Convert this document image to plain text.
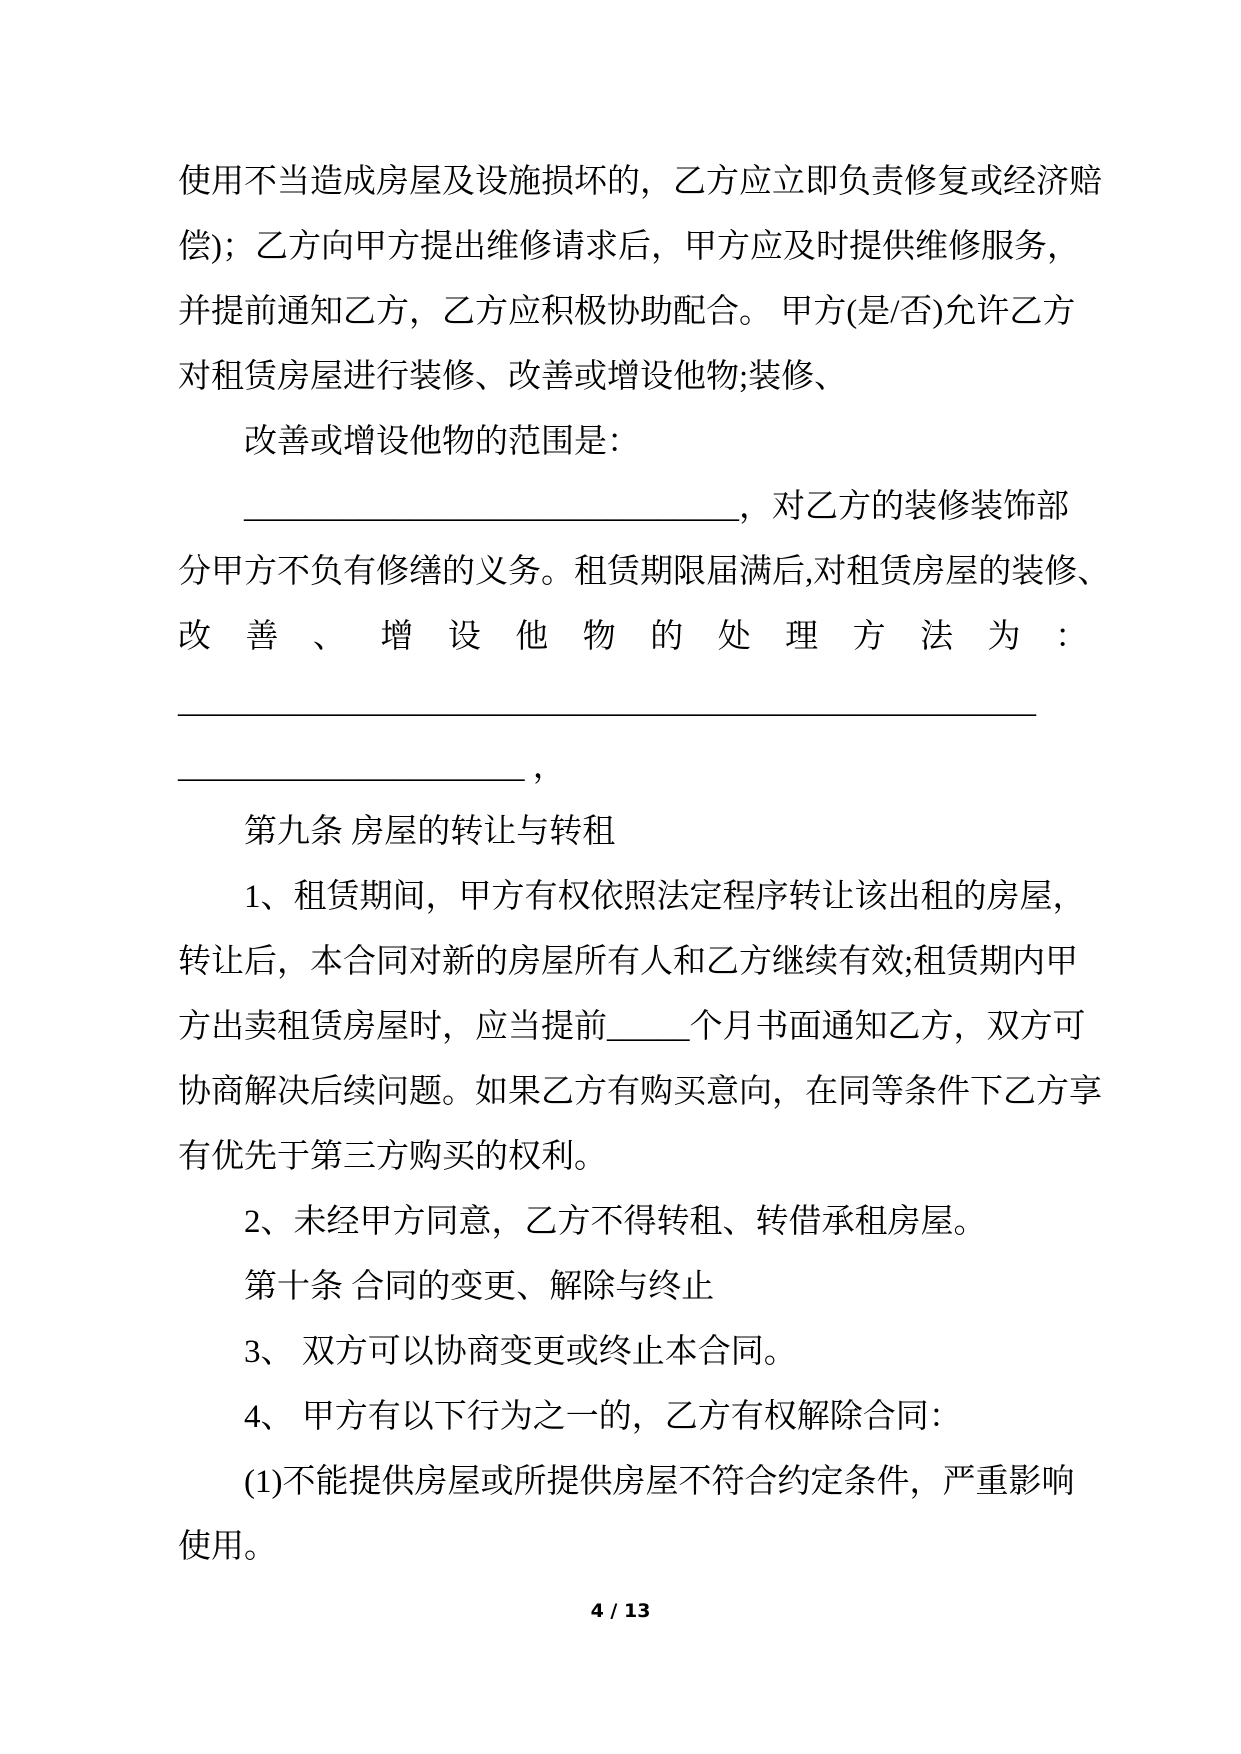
使用不当造成房屋及设施损坏的，乙方应立即负责修复或经济赔
偿)；乙方向甲方提出维修请求后，甲方应及时提供维修服务，
并提前通知乙方，乙方应积极协助配合。 甲方(是/否)允许乙方
对租赁房屋进行装修、改善或增设他物;装修、
改善或增设他物的范围是：
______________________________，对乙方的装修装饰部
分甲方不负有修缮的义务。租赁期限届满后,对租赁房屋的装修、
改 善 、 增 设 他 物 的 处 理 方 法 为 ：
____________________________________________________
_____________________ ，
第九条 房屋的转让与转租
1、租赁期间，甲方有权依照法定程序转让该出租的房屋，
转让后，本合同对新的房屋所有人和乙方继续有效;租赁期内甲
方出卖租赁房屋时，应当提前_____个月书面通知乙方，双方可
协商解决后续问题。如果乙方有购买意向，在同等条件下乙方享
有优先于第三方购买的权利。
2、未经甲方同意，乙方不得转租、转借承租房屋。
第十条 合同的变更、解除与终止
3、 双方可以协商变更或终止本合同。
4、 甲方有以下行为之一的，乙方有权解除合同：
(1)不能提供房屋或所提供房屋不符合约定条件，严重影响
使用。
4 / 13
